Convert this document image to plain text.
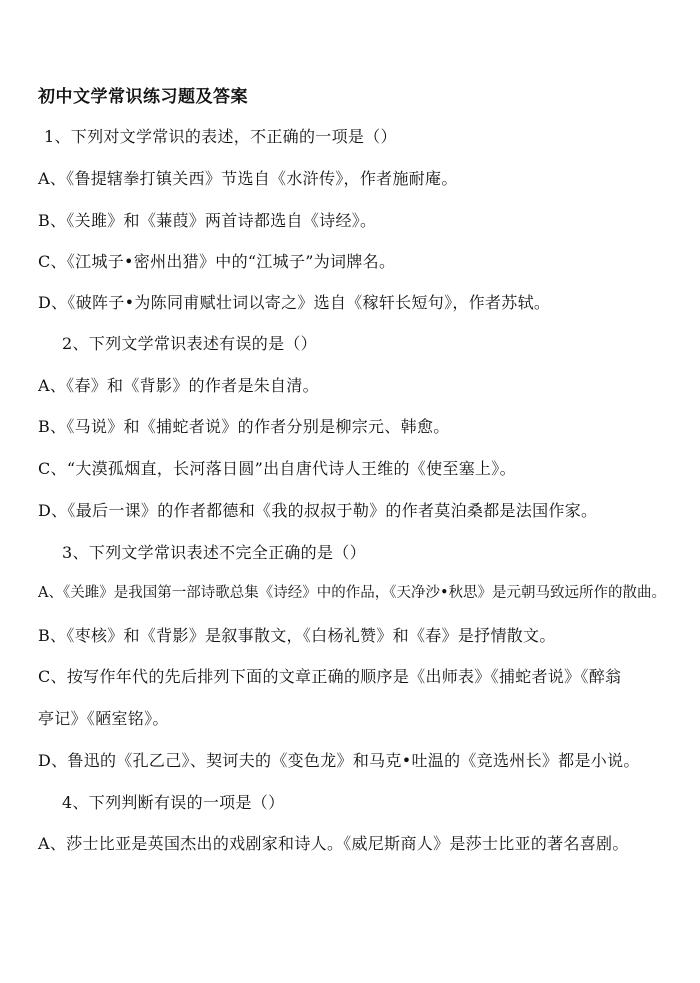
初中文学常识练习题及答案
1、下列对文学常识的表述，不正确的一项是（）
A、《鲁提辖拳打镇关西》节选自《水浒传》，作者施耐庵。
B、《关雎》和《蒹葭》两首诗都选自《诗经》。
C、《江城子•密州出猎》中的“江城子”为词牌名。
D、《破阵子•为陈同甫赋壮词以寄之》选自《稼轩长短句》，作者苏轼。
2、下列文学常识表述有误的是（）
A、《春》和《背影》的作者是朱自清。
B、《马说》和《捕蛇者说》的作者分别是柳宗元、韩愈。
C、“大漠孤烟直，长河落日圆”出自唐代诗人王维的《使至塞上》。
D、《最后一课》的作者都德和《我的叔叔于勒》的作者莫泊桑都是法国作家。
3、下列文学常识表述不完全正确的是（）
A、《关雎》是我国第一部诗歌总集《诗经》中的作品，《天净沙•秋思》是元朝马致远所作的散曲。
B、《枣核》和《背影》是叙事散文，《白杨礼赞》和《春》是抒情散文。
C、按写作年代的先后排列下面的文章正确的顺序是《出师表》《捕蛇者说》《醉翁
亭记》《陋室铭》。
D、鲁迅的《孔乙己》、契诃夫的《变色龙》和马克•吐温的《竞选州长》都是小说。
4、下列判断有误的一项是（）
A、莎士比亚是英国杰出的戏剧家和诗人。《威尼斯商人》是莎士比亚的著名喜剧。
